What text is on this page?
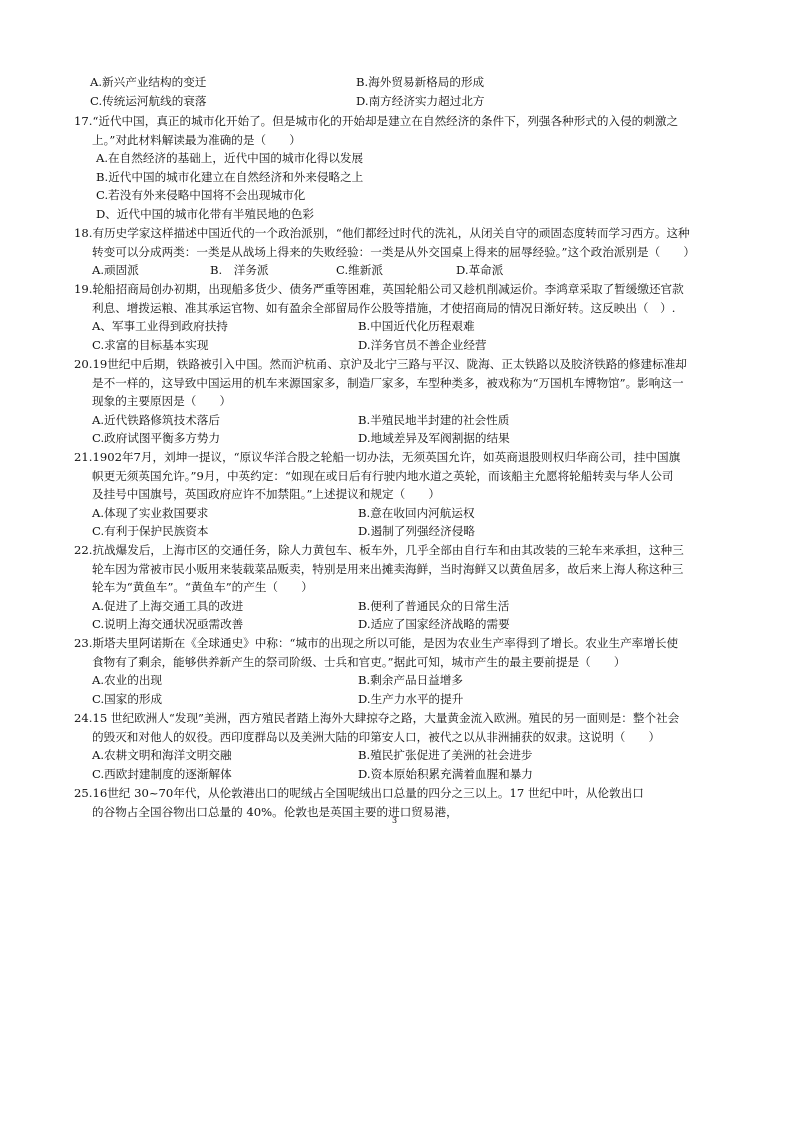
A.新兴产业结构的变迁	B.海外贸易新格局的形成
C.传统运河航线的衰落	D.南方经济实力超过北方
17.“近代中国，真正的城市化开始了。但是城市化的开始却是建立在自然经济的条件下，列强各种形式的入侵的刺激之
上。”对此材料解读最为准确的是（　　）
A.在自然经济的基础上，近代中国的城市化得以发展
B.近代中国的城市化建立在自然经济和外来侵略之上
C.若没有外来侵略中国将不会出现城市化
D、近代中国的城市化带有半殖民地的色彩
18.有历史学家这样描述中国近代的一个政治派别，“他们都经过时代的洗礼，从闭关自守的顽固态度转而学习西方。这种
转变可以分成两类：一类是从战场上得来的失败经验：一类是从外交国桌上得来的屈辱经验。”这个政治派别是（　　）
A.顽固派	B.　洋务派	C.维新派	D.革命派
19.轮船招商局创办初期，出现船多货少、债务严重等困难，英国轮船公司又趁机削减运价。李鸿章采取了暂缓缴还官款
利息、增拨运粮、准其承运官物、如有盈余全部留局作公股等措施，才使招商局的情况日渐好转。这反映出（　）.
A、军事工业得到政府扶持	B.中国近代化历程艰难
C.求富的目标基本实现	D.洋务官员不善企业经营
20.19世纪中后期，铁路被引入中国。然而沪杭甬、京沪及北宁三路与平汉、陇海、正太铁路以及胶济铁路的修建标准却
是不一样的，这导致中国运用的机车来源国家多，制造厂家多，车型种类多，被戏称为“万国机车博物馆”。影响这一
现象的主要原因是（　　）
A.近代铁路修筑技术落后	B.半殖民地半封建的社会性质
C.政府试图平衡多方势力	D.地域差异及军阀割据的结果
21.1902年7月，刘坤一提议，“原议华洋合股之轮船一切办法，无须英国允许，如英商退股则权归华商公司，挂中国旗
帜更无须英国允许。”9月，中英约定：“如现在或日后有行驶内地水道之英轮，而该船主允愿将轮船转卖与华人公司
及挂号中国旗号，英国政府应许不加禁阻。”上述提议和规定（　　）
A.体现了实业救国要求	B.意在收回内河航运权
C.有利于保护民族资本	D.遏制了列强经济侵略
22.抗战爆发后，上海市区的交通任务，除人力黄包车、板车外，几乎全部由自行车和由其改装的三轮车来承担，这种三
轮车因为常被市民小贩用来装载菜品贩卖，特别是用来出摊卖海鲜，当时海鲜又以黄鱼居多，故后来上海人称这种三
轮车为“黄鱼车”。“黄鱼车”的产生（　　）
A.促进了上海交通工具的改进	B.便利了普通民众的日常生活
C.说明上海交通状况亟需改善	D.适应了国家经济战略的需要
23.斯塔夫里阿诺斯在《全球通史》中称：“城市的出现之所以可能，是因为农业生产率得到了增长。农业生产率增长使
食物有了剩余，能够供养新产生的祭司阶级、士兵和官吏。”据此可知，城市产生的最主要前提是（　　）
A.农业的出现	B.剩余产品日益增多
C.国家的形成	D.生产力水平的提升
24.15 世纪欧洲人“发现”美洲，西方殖民者踏上海外大肆掠夺之路，大量黄金流入欧洲。殖民的另一面则是：整个社会
的毁灭和对他人的奴役。西印度群岛以及美洲大陆的印第安人口，被代之以从非洲捕获的奴隶。这说明（　　）
A.农耕文明和海洋文明交融	B.殖民扩张促进了美洲的社会进步
C.西欧封建制度的逐渐解体	D.资本原始积累充满着血腥和暴力
25.16世纪 30~70年代，从伦敦港出口的呢绒占全国呢绒出口总量的四分之三以上。17 世纪中叶，从伦敦出口
的谷物占全国谷物出口总量的 40%。伦敦也是英国主要的进口贸易港，
3
